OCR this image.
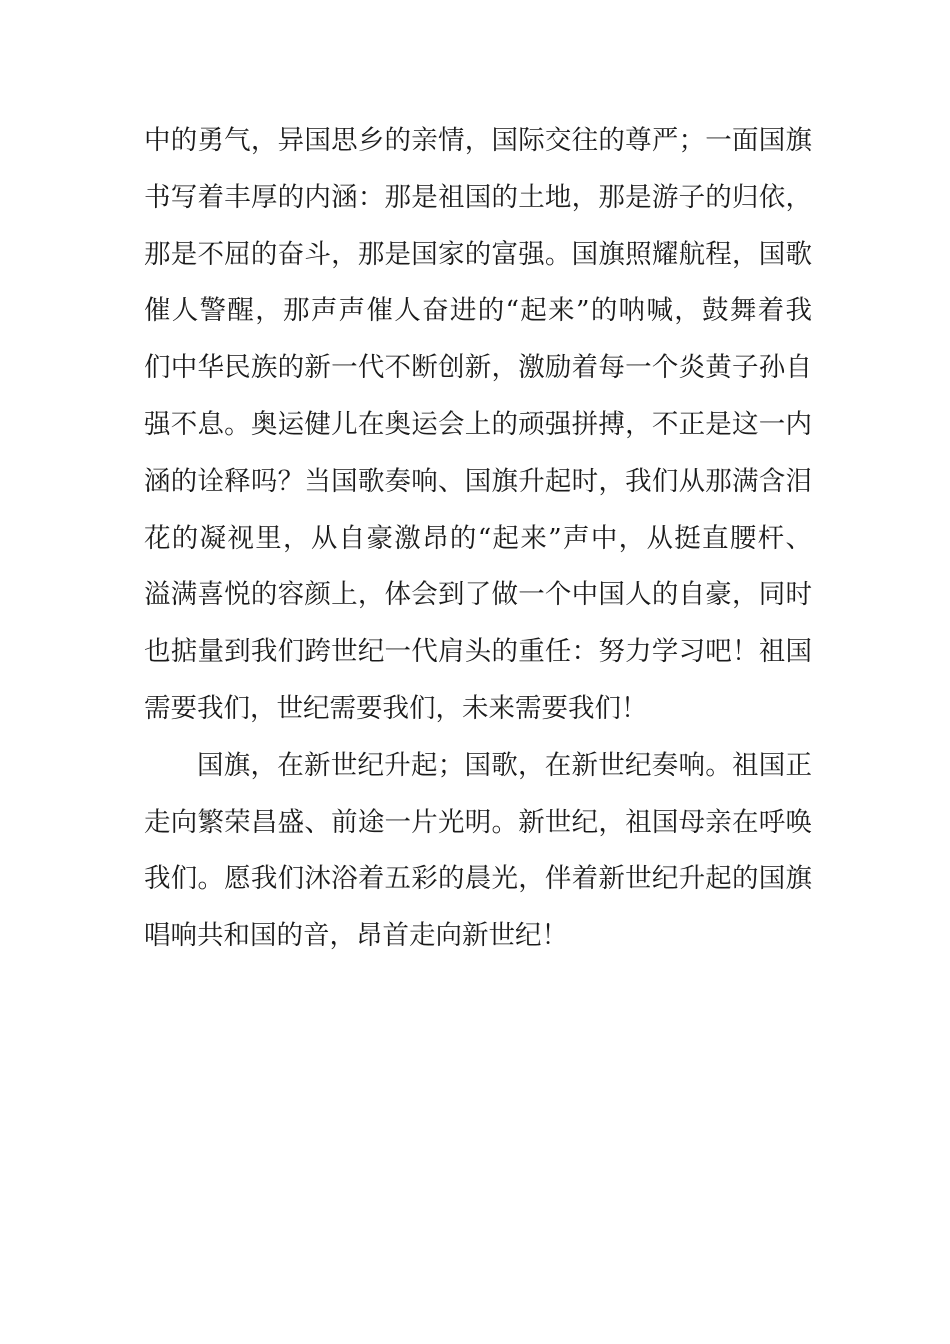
中的勇气，异国思乡的亲情，国际交往的尊严；一面国旗
书写着丰厚的内涵：那是祖国的土地，那是游子的归依，
那是不屈的奋斗，那是国家的富强。国旗照耀航程，国歌
催人警醒，那声声催人奋进的“起来”的呐喊，鼓舞着我
们中华民族的新一代不断创新，激励着每一个炎黄子孙自
强不息。奥运健儿在奥运会上的顽强拼搏，不正是这一内
涵的诠释吗？当国歌奏响、国旗升起时，我们从那满含泪
花的凝视里，从自豪激昂的“起来”声中，从挺直腰杆、
溢满喜悦的容颜上，体会到了做一个中国人的自豪，同时
也掂量到我们跨世纪一代肩头的重任：努力学习吧！祖国
需要我们，世纪需要我们，未来需要我们！
国旗，在新世纪升起；国歌，在新世纪奏响。祖国正
走向繁荣昌盛、前途一片光明。新世纪，祖国母亲在呼唤
我们。愿我们沐浴着五彩的晨光，伴着新世纪升起的国旗
唱响共和国的音，昂首走向新世纪！
